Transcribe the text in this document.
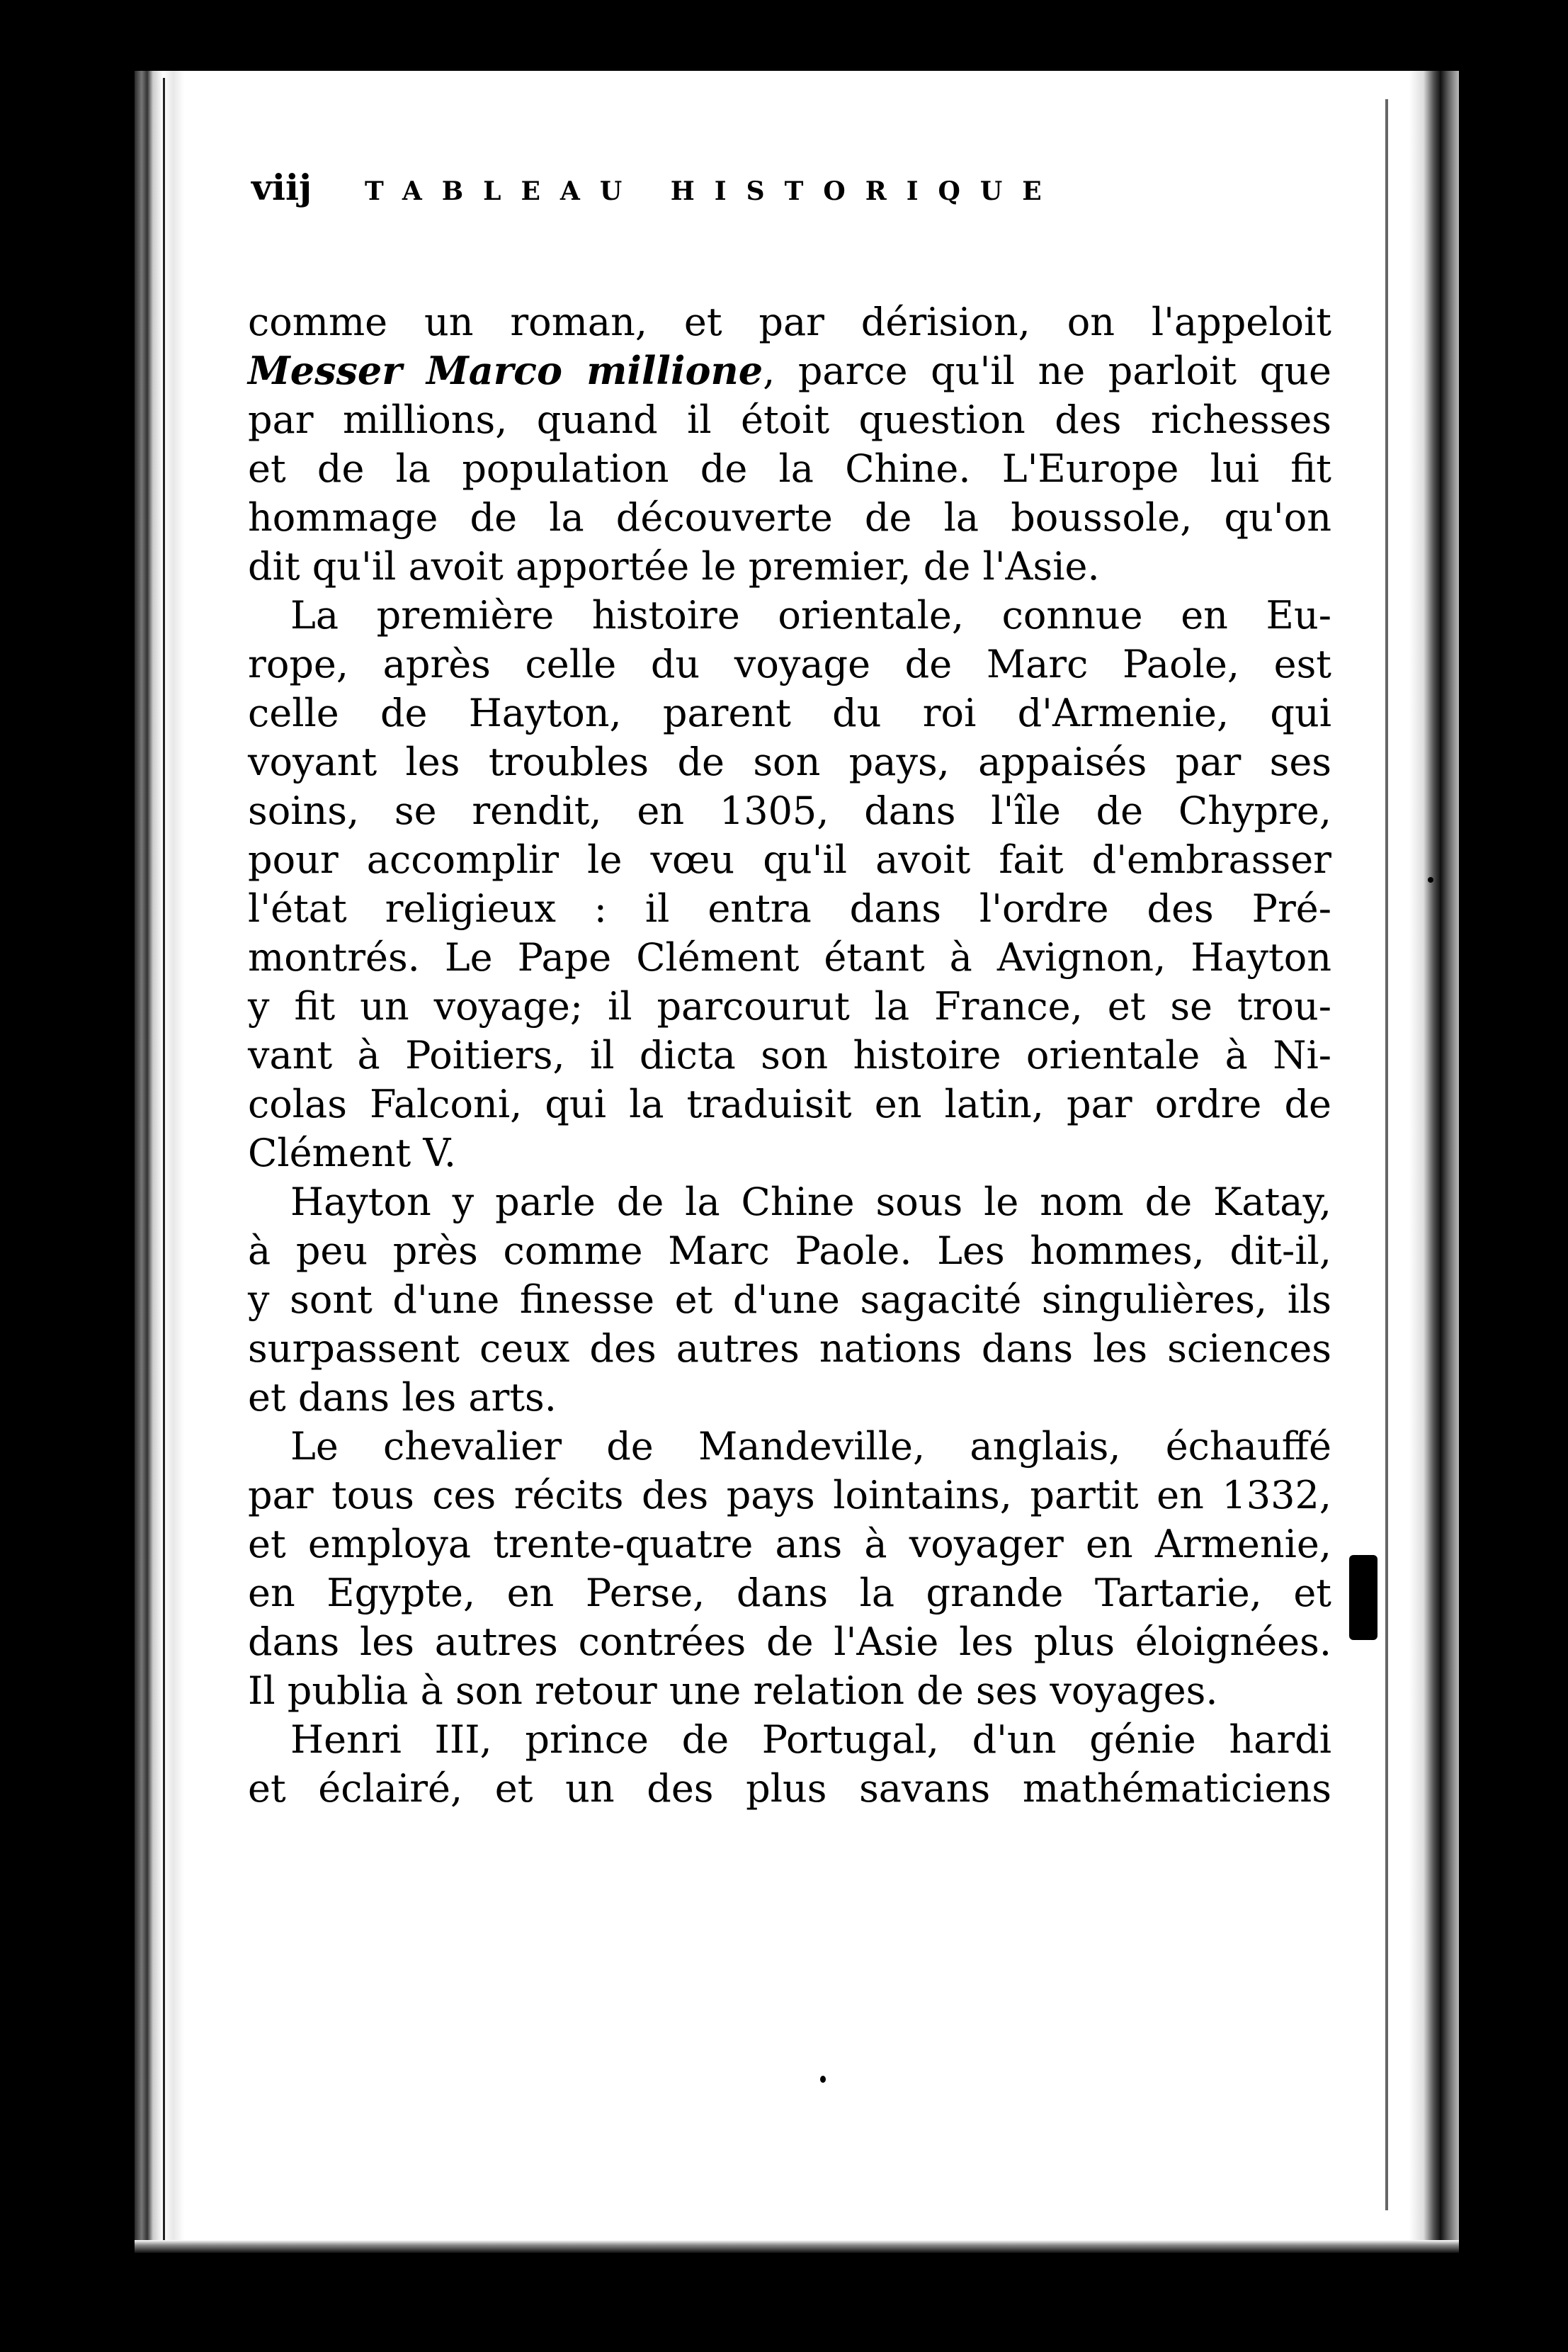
viij TABLEAU HISTORIQUE
comme un roman, et par dérision, on l'appeloit
Messer Marco millione, parce qu'il ne parloit que
par millions, quand il étoit question des richesses
et de la population de la Chine. L'Europe lui fit
hommage de la découverte de la boussole, qu'on
dit qu'il avoit apportée le premier, de l'Asie.
La première histoire orientale, connue en Eu-
rope, après celle du voyage de Marc Paole, est
celle de Hayton, parent du roi d'Armenie, qui
voyant les troubles de son pays, appaisés par ses
soins, se rendit, en 1305, dans l'île de Chypre,
pour accomplir le vœu qu'il avoit fait d'embrasser
l'état religieux : il entra dans l'ordre des Pré-
montrés. Le Pape Clément étant à Avignon, Hayton
y fit un voyage; il parcourut la France, et se trou-
vant à Poitiers, il dicta son histoire orientale à Ni-
colas Falconi, qui la traduisit en latin, par ordre de
Clément V.
Hayton y parle de la Chine sous le nom de Katay,
à peu près comme Marc Paole. Les hommes, dit-il,
y sont d'une finesse et d'une sagacité singulières, ils
surpassent ceux des autres nations dans les sciences
et dans les arts.
Le chevalier de Mandeville, anglais, échauffé
par tous ces récits des pays lointains, partit en 1332,
et employa trente-quatre ans à voyager en Armenie,
en Egypte, en Perse, dans la grande Tartarie, et
dans les autres contrées de l'Asie les plus éloignées.
Il publia à son retour une relation de ses voyages.
Henri III, prince de Portugal, d'un génie hardi
et éclairé, et un des plus savans mathématiciens
